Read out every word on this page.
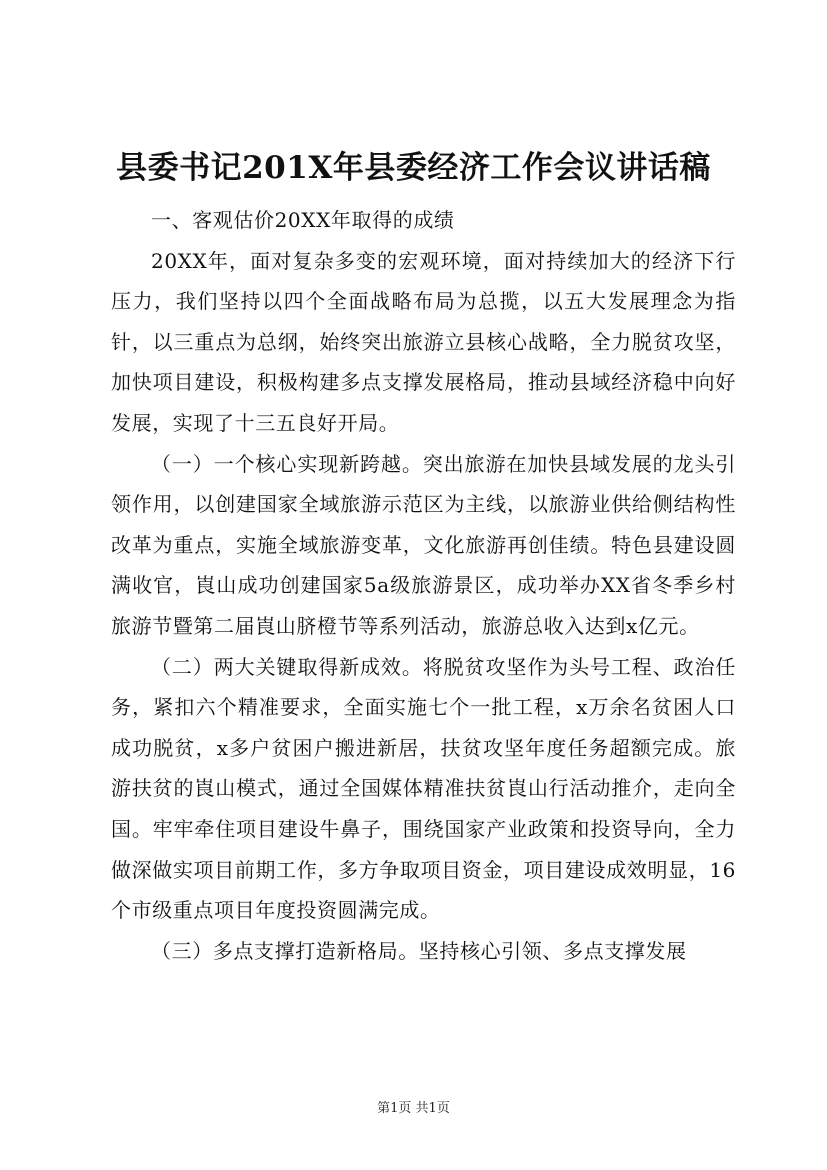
县委书记201X年县委经济工作会议讲话稿

一、客观估价20XX年取得的成绩

20XX年，面对复杂多变的宏观环境，面对持续加大的经济下行压力，我们坚持以四个全面战略布局为总揽，以五大发展理念为指针，以三重点为总纲，始终突出旅游立县核心战略，全力脱贫攻坚，加快项目建设，积极构建多点支撑发展格局，推动县域经济稳中向好发展，实现了十三五良好开局。

（一）一个核心实现新跨越。突出旅游在加快县域发展的龙头引领作用，以创建国家全域旅游示范区为主线，以旅游业供给侧结构性改革为重点，实施全域旅游变革，文化旅游再创佳绩。特色县建设圆满收官，崀山成功创建国家5a级旅游景区，成功举办XX省冬季乡村旅游节暨第二届崀山脐橙节等系列活动，旅游总收入达到x亿元。

（二）两大关键取得新成效。将脱贫攻坚作为头号工程、政治任务，紧扣六个精准要求，全面实施七个一批工程，x万余名贫困人口成功脱贫，x多户贫困户搬进新居，扶贫攻坚年度任务超额完成。旅游扶贫的崀山模式，通过全国媒体精准扶贫崀山行活动推介，走向全国。牢牢牵住项目建设牛鼻子，围绕国家产业政策和投资导向，全力做深做实项目前期工作，多方争取项目资金，项目建设成效明显，16个市级重点项目年度投资圆满完成。

（三）多点支撑打造新格局。坚持核心引领、多点支撑发展

第1页 共1页
